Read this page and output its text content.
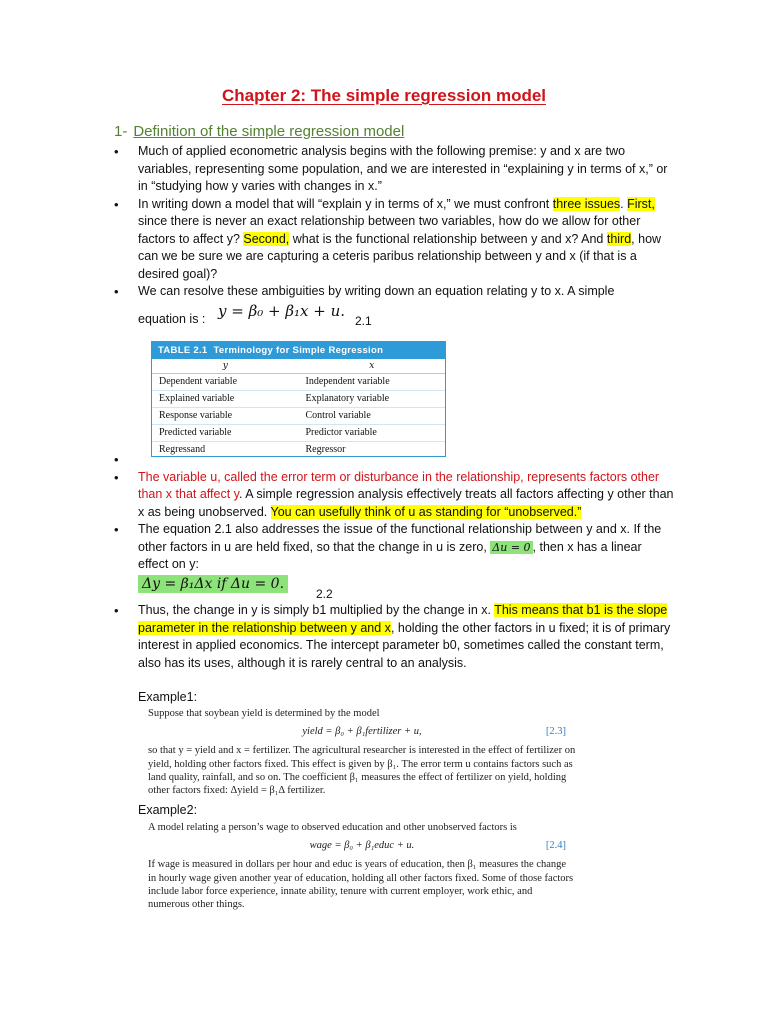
Chapter 2: The simple regression model
1- Definition of the simple regression model
• Much of applied econometric analysis begins with the following premise: y and x are two variables, representing some population, and we are interested in “explaining y in terms of x,” or in “studying how y varies with changes in x.”
• In writing down a model that will “explain y in terms of x,” we must confront three issues. First, since there is never an exact relationship between two variables, how do we allow for other factors to affect y? Second, what is the functional relationship between y and x? And third, how can we be sure we are capturing a ceteris paribus relationship between y and x (if that is a desired goal)?
• We can resolve these ambiguities by writing down an equation relating y to x. A simple
equation is : y = β₀ + β₁x + u.
2.1
TABLE 2.1 Terminology for Simple Regression
y	x
Dependent variable	Independent variable
Explained variable	Explanatory variable
Response variable	Control variable
Predicted variable	Predictor variable
Regressand	Regressor
•
• The variable u, called the error term or disturbance in the relationship, represents factors other than x that affect y. A simple regression analysis effectively treats all factors affecting y other than x as being unobserved. You can usefully think of u as standing for “unobserved.”
• The equation 2.1 also addresses the issue of the functional relationship between y and x. If the other factors in u are held fixed, so that the change in u is zero, Δu = 0 , then x has a linear effect on y:
Δy = β₁Δx if Δu = 0.
2.2
• Thus, the change in y is simply b1 multiplied by the change in x. This means that b1 is the slope parameter in the relationship between y and x, holding the other factors in u fixed; it is of primary interest in applied economics. The intercept parameter b0, sometimes called the constant term, also has its uses, although it is rarely central to an analysis.
Example1:
Suppose that soybean yield is determined by the model
yield = β₀ + β₁fertilizer + u,	[2.3]
so that y = yield and x = fertilizer. The agricultural researcher is interested in the effect of fertilizer on yield, holding other factors fixed. This effect is given by β₁. The error term u contains factors such as land quality, rainfall, and so on. The coefficient β₁ measures the effect of fertilizer on yield, holding other factors fixed: Δyield = β₁Δ fertilizer.
Example2:
A model relating a person’s wage to observed education and other unobserved factors is
wage = β₀ + β₁educ + u.	[2.4]
If wage is measured in dollars per hour and educ is years of education, then β₁ measures the change in hourly wage given another year of education, holding all other factors fixed. Some of those factors include labor force experience, innate ability, tenure with current employer, work ethic, and numerous other things.
